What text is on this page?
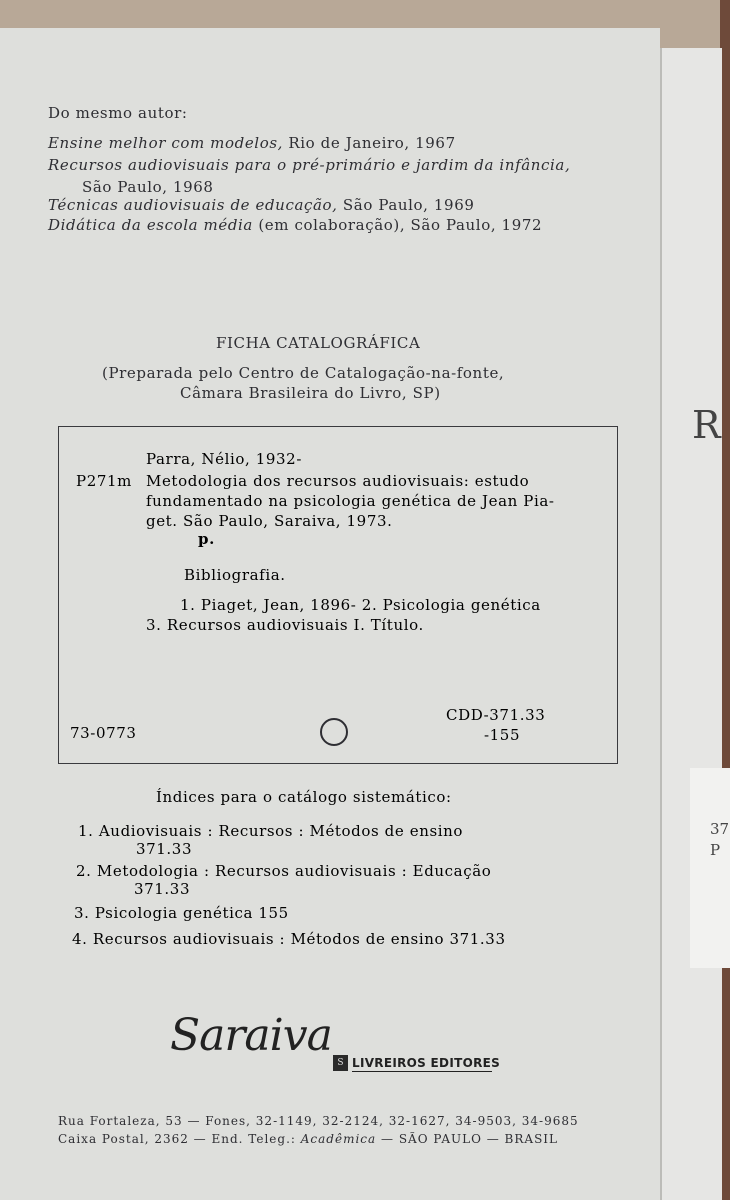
Do mesmo autor:
Ensine melhor com modelos, Rio de Janeiro, 1967
Recursos audiovisuais para o pré-primário e jardim da infância,
São Paulo, 1968
Técnicas audiovisuais de educação, São Paulo, 1969
Didática da escola média (em colaboração), São Paulo, 1972
FICHA CATALOGRÁFICA
(Preparada pelo Centro de Catalogação-na-fonte,
Câmara Brasileira do Livro, SP)
Parra, Nélio, 1932-
P271m Metodologia dos recursos audiovisuais: estudo
fundamentado na psicologia genética de Jean Pia-
get. São Paulo, Saraiva, 1973.
p.
Bibliografia.
1. Piaget, Jean, 1896- 2. Psicologia genética
3. Recursos audiovisuais I. Título.
73-0773
CDD-371.33
-155
Índices para o catálogo sistemático:
1. Audiovisuais : Recursos : Métodos de ensino
371.33
2. Metodologia : Recursos audiovisuais : Educação
371.33
3. Psicologia genética 155
4. Recursos audiovisuais : Métodos de ensino 371.33
Saraiva
S LIVREIROS EDITORES
Rua Fortaleza, 53 — Fones, 32-1149, 32-2124, 32-1627, 34-9503, 34-9685
Caixa Postal, 2362 — End. Teleg.: Acadêmica — SÃO PAULO — BRASIL
R
37
P
